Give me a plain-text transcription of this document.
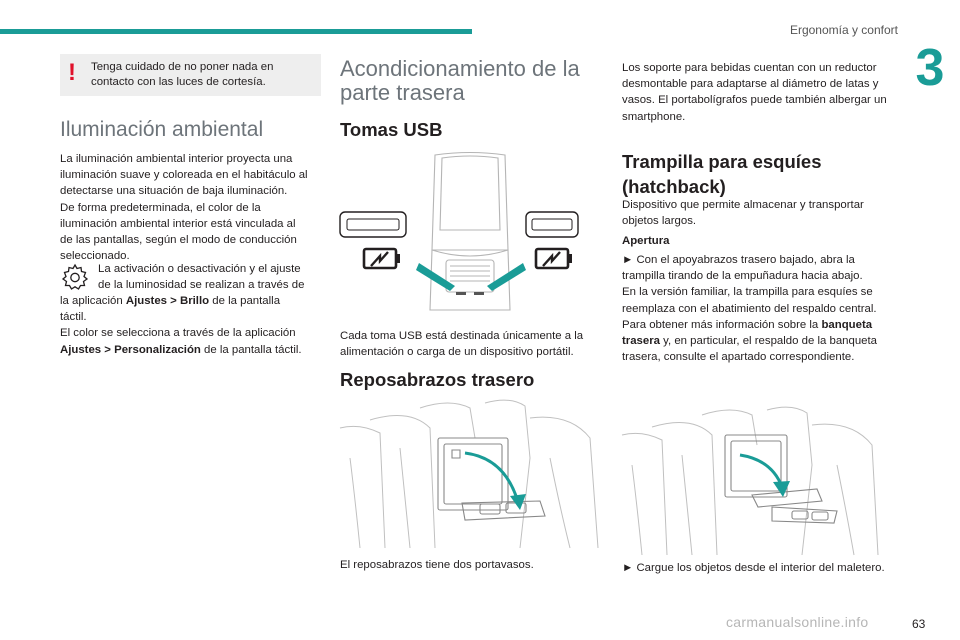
Ergonomía y confort
3
! Tenga cuidado de no poner nada en contacto con las luces de cortesía.
Iluminación ambiental
La iluminación ambiental interior proyecta una
iluminación suave y coloreada en el habitáculo al
detectarse una situación de baja iluminación.
De forma predeterminada, el color de la
iluminación ambiental interior está vinculada al
de las pantallas, según el modo de conducción
seleccionado.
La activación o desactivación y el ajuste
de la luminosidad se realizan a través de
la aplicación Ajustes > Brillo de la pantalla
táctil.
El color se selecciona a través de la aplicación
Ajustes > Personalización de la pantalla táctil.
Acondicionamiento de la parte trasera
Tomas USB
Cada toma USB está destinada únicamente a la alimentación o carga de un dispositivo portátil.
Reposabrazos trasero
El reposabrazos tiene dos portavasos.
Los soporte para bebidas cuentan con un reductor desmontable para adaptarse al diámetro de latas y vasos. El portabolígrafos puede también albergar un smartphone.
Trampilla para esquíes (hatchback)
Dispositivo que permite almacenar y transportar objetos largos.
Apertura
► Con el apoyabrazos trasero bajado, abra la trampilla tirando de la empuñadura hacia abajo.
En la versión familiar, la trampilla para esquíes se reemplaza con el abatimiento del respaldo central.
Para obtener más información sobre la banqueta trasera y, en particular, el respaldo de la banqueta trasera, consulte el apartado correspondiente.
► Cargue los objetos desde el interior del maletero.
carmanualsonline.info	63
